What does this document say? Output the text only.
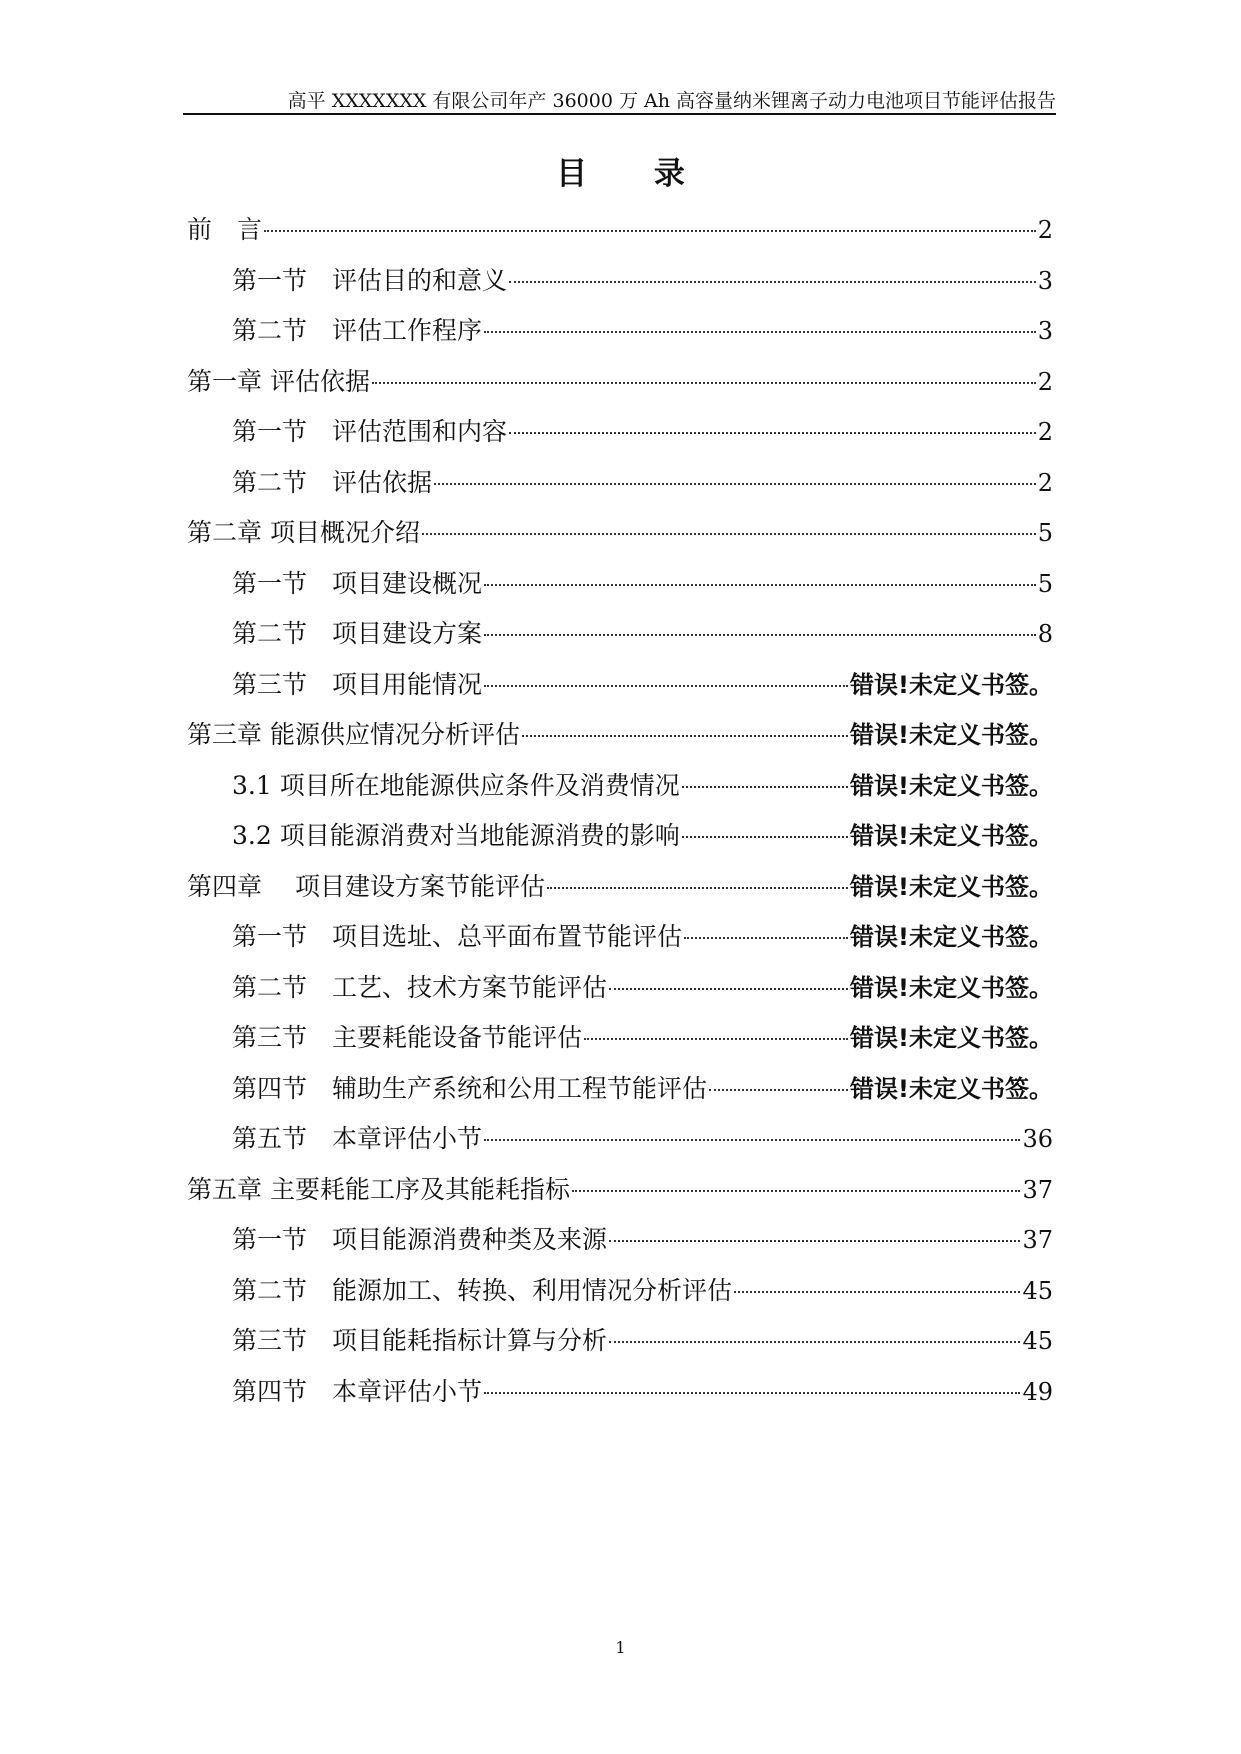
高平 XXXXXXX 有限公司年产 36000 万 Ah 高容量纳米锂离子动力电池项目节能评估报告
目 录
前　言	2
第一节　评估目的和意义	3
第二节　评估工作程序	3
第一章 评估依据	2
第一节　评估范围和内容	2
第二节　评估依据	2
第二章 项目概况介绍	5
第一节　项目建设概况	5
第二节　项目建设方案	8
第三节　项目用能情况	错误!未定义书签。
第三章 能源供应情况分析评估	错误!未定义书签。
3.1 项目所在地能源供应条件及消费情况	错误!未定义书签。
3.2 项目能源消费对当地能源消费的影响	错误!未定义书签。
第四章　 项目建设方案节能评估	错误!未定义书签。
第一节　项目选址、总平面布置节能评估	错误!未定义书签。
第二节　工艺、技术方案节能评估	错误!未定义书签。
第三节　主要耗能设备节能评估	错误!未定义书签。
第四节　辅助生产系统和公用工程节能评估	错误!未定义书签。
第五节　本章评估小节	36
第五章 主要耗能工序及其能耗指标	37
第一节　项目能源消费种类及来源	37
第二节　能源加工、转换、利用情况分析评估	45
第三节　项目能耗指标计算与分析	45
第四节　本章评估小节	49
1
